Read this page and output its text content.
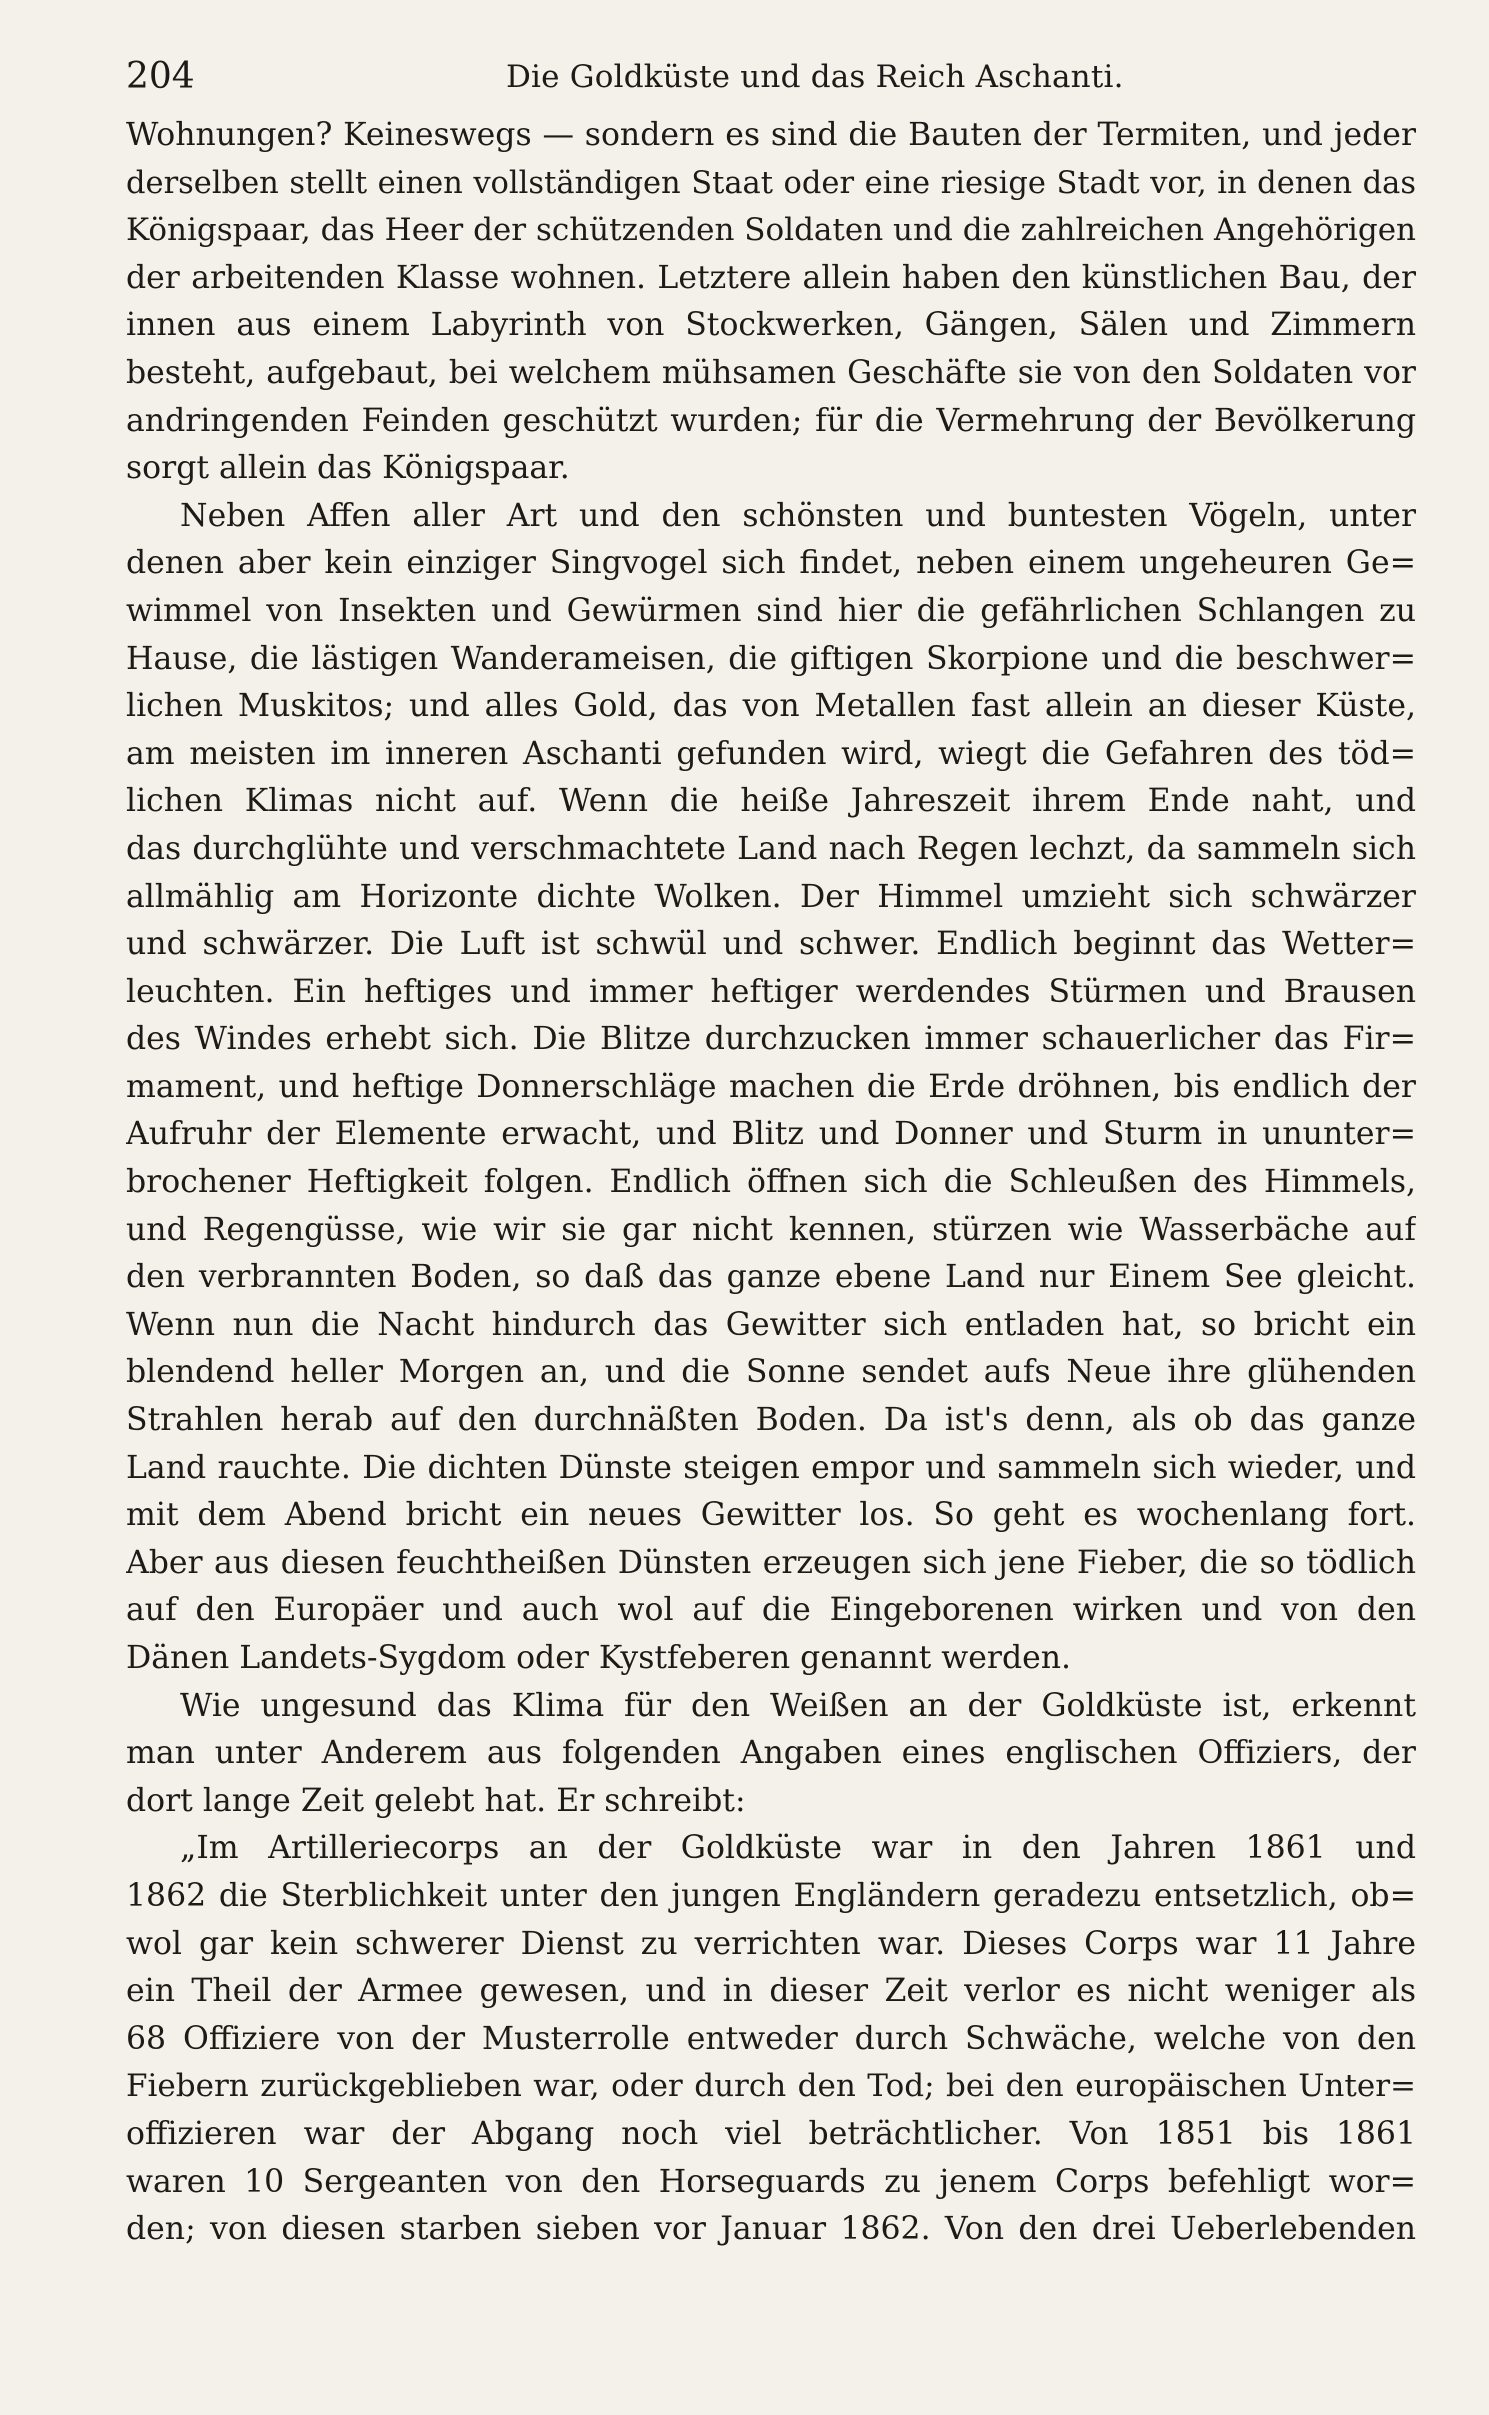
204	Die Goldküste und das Reich Aschanti.
Wohnungen? Keineswegs — sondern es sind die Bauten der Termiten, und jeder
derselben stellt einen vollständigen Staat oder eine riesige Stadt vor, in denen das
Königspaar, das Heer der schützenden Soldaten und die zahlreichen Angehörigen
der arbeitenden Klasse wohnen. Letztere allein haben den künstlichen Bau, der
innen aus einem Labyrinth von Stockwerken, Gängen, Sälen und Zimmern
besteht, aufgebaut, bei welchem mühsamen Geschäfte sie von den Soldaten vor
andringenden Feinden geschützt wurden; für die Vermehrung der Bevölkerung
sorgt allein das Königspaar.
Neben Affen aller Art und den schönsten und buntesten Vögeln, unter
denen aber kein einziger Singvogel sich findet, neben einem ungeheuren Ge=
wimmel von Insekten und Gewürmen sind hier die gefährlichen Schlangen zu
Hause, die lästigen Wanderameisen, die giftigen Skorpione und die beschwer=
lichen Muskitos; und alles Gold, das von Metallen fast allein an dieser Küste,
am meisten im inneren Aschanti gefunden wird, wiegt die Gefahren des töd=
lichen Klimas nicht auf. Wenn die heiße Jahreszeit ihrem Ende naht, und
das durchglühte und verschmachtete Land nach Regen lechzt, da sammeln sich
allmählig am Horizonte dichte Wolken. Der Himmel umzieht sich schwärzer
und schwärzer. Die Luft ist schwül und schwer. Endlich beginnt das Wetter=
leuchten. Ein heftiges und immer heftiger werdendes Stürmen und Brausen
des Windes erhebt sich. Die Blitze durchzucken immer schauerlicher das Fir=
mament, und heftige Donnerschläge machen die Erde dröhnen, bis endlich der
Aufruhr der Elemente erwacht, und Blitz und Donner und Sturm in ununter=
brochener Heftigkeit folgen. Endlich öffnen sich die Schleußen des Himmels,
und Regengüsse, wie wir sie gar nicht kennen, stürzen wie Wasserbäche auf
den verbrannten Boden, so daß das ganze ebene Land nur Einem See gleicht.
Wenn nun die Nacht hindurch das Gewitter sich entladen hat, so bricht ein
blendend heller Morgen an, und die Sonne sendet aufs Neue ihre glühenden
Strahlen herab auf den durchnäßten Boden. Da ist's denn, als ob das ganze
Land rauchte. Die dichten Dünste steigen empor und sammeln sich wieder, und
mit dem Abend bricht ein neues Gewitter los. So geht es wochenlang fort.
Aber aus diesen feuchtheißen Dünsten erzeugen sich jene Fieber, die so tödlich
auf den Europäer und auch wol auf die Eingeborenen wirken und von den
Dänen Landets-Sygdom oder Kystfeberen genannt werden.
Wie ungesund das Klima für den Weißen an der Goldküste ist, erkennt
man unter Anderem aus folgenden Angaben eines englischen Offiziers, der
dort lange Zeit gelebt hat. Er schreibt:
„Im Artilleriecorps an der Goldküste war in den Jahren 1861 und
1862 die Sterblichkeit unter den jungen Engländern geradezu entsetzlich, ob=
wol gar kein schwerer Dienst zu verrichten war. Dieses Corps war 11 Jahre
ein Theil der Armee gewesen, und in dieser Zeit verlor es nicht weniger als
68 Offiziere von der Musterrolle entweder durch Schwäche, welche von den
Fiebern zurückgeblieben war, oder durch den Tod; bei den europäischen Unter=
offizieren war der Abgang noch viel beträchtlicher. Von 1851 bis 1861
waren 10 Sergeanten von den Horseguards zu jenem Corps befehligt wor=
den; von diesen starben sieben vor Januar 1862. Von den drei Ueberlebenden
